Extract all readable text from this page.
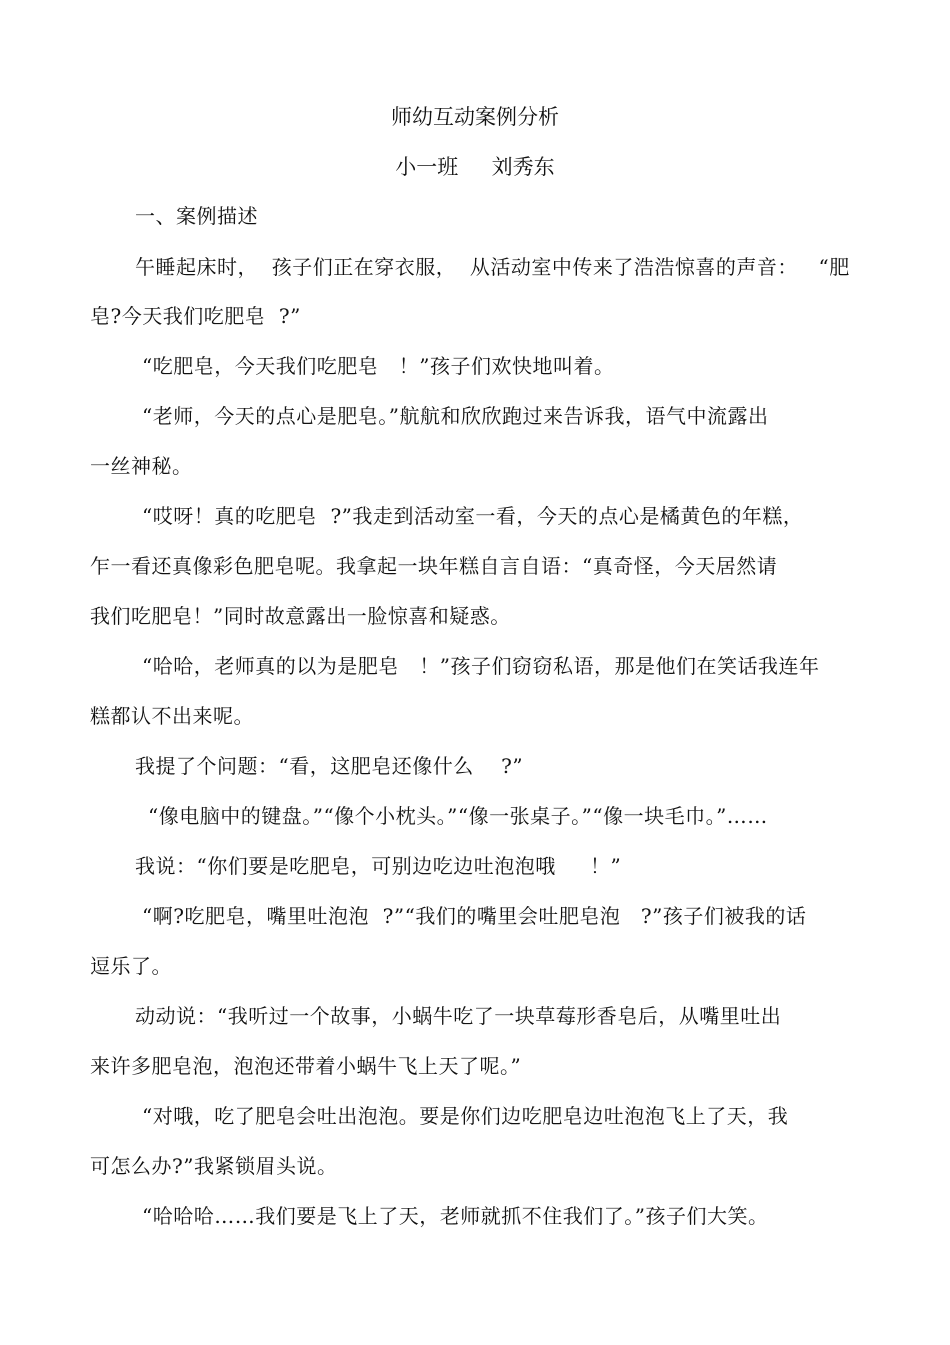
师幼互动案例分析
小一班     刘秀东
一、案例描述
午睡起床时，  孩子们正在穿衣服，  从活动室中传来了浩浩惊喜的声音：   “肥
皂?今天我们吃肥皂  ?”
“吃肥皂，今天我们吃肥皂   ！”孩子们欢快地叫着。
“老师，今天的点心是肥皂。”航航和欣欣跑过来告诉我，语气中流露出
一丝神秘。
“哎呀！真的吃肥皂  ?”我走到活动室一看，今天的点心是橘黄色的年糕，
乍一看还真像彩色肥皂呢。我拿起一块年糕自言自语：“真奇怪，今天居然请
我们吃肥皂！”同时故意露出一脸惊喜和疑惑。
“哈哈，老师真的以为是肥皂   ！”孩子们窃窃私语，那是他们在笑话我连年
糕都认不出来呢。
我提了个问题：“看，这肥皂还像什么    ?”
“像电脑中的键盘。”“像个小枕头。”“像一张桌子。”“像一块毛巾。”……
我说：“你们要是吃肥皂，可别边吃边吐泡泡哦     ！”
“啊?吃肥皂，嘴里吐泡泡  ?”“我们的嘴里会吐肥皂泡   ?”孩子们被我的话
逗乐了。
动动说：“我听过一个故事，小蜗牛吃了一块草莓形香皂后，从嘴里吐出
来许多肥皂泡，泡泡还带着小蜗牛飞上天了呢。”
“对哦，吃了肥皂会吐出泡泡。要是你们边吃肥皂边吐泡泡飞上了天，我
可怎么办?”我紧锁眉头说。
“哈哈哈……我们要是飞上了天，老师就抓不住我们了。”孩子们大笑。
